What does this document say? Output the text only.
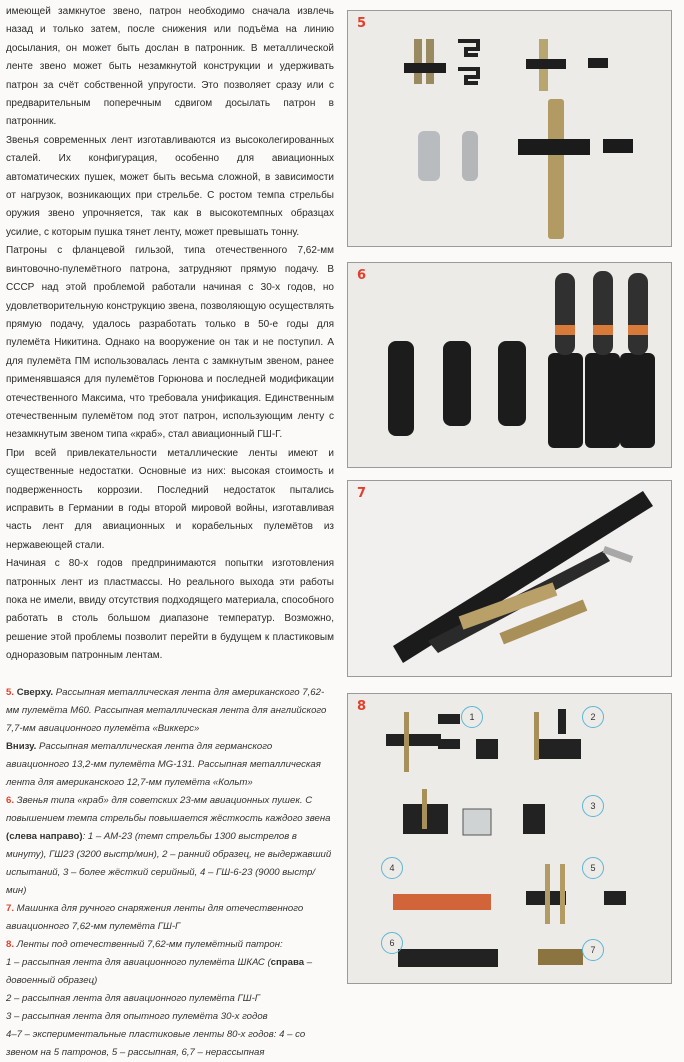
имеющей замкнутое звено, патрон необходимо сначала извлечь назад и только затем, после снижения или подъёма на линию досылания, он может быть дослан в патронник. В металлической ленте звено может быть незамкнутой конструкции и удерживать патрон за счёт собственной упругости. Это позволяет сразу или с предварительным поперечным сдвигом досылать патрон в патронник.

Звенья современных лент изготавливаются из высоколегированных сталей. Их конфигурация, особенно для авиационных автоматических пушек, может быть весьма сложной, в зависимости от нагрузок, возникающих при стрельбе. С ростом темпа стрельбы оружия звено упрочняется, так как в высокотемпных образцах усилие, с которым пушка тянет ленту, может превышать тонну.

Патроны с фланцевой гильзой, типа отечественного 7,62-мм винтовочно-пулемётного патрона, затрудняют прямую подачу. В СССР над этой проблемой работали начиная с 30-х годов, но удовлетворительную конструкцию звена, позволяющую осуществлять прямую подачу, удалось разработать только в 50-е годы для пулемёта Никитина. Однако на вооружение он так и не поступил. А для пулемёта ПМ использовалась лента с замкнутым звеном, ранее применявшаяся для пулемётов Горюнова и последней модификации отечественного Максима, что требовала унификация. Единственным отечественным пулемётом под этот патрон, использующим ленту с незамкнутым звеном типа «краб», стал авиационный ГШ-Г.

При всей привлекательности металлические ленты имеют и существенные недостатки. Основные из них: высокая стоимость и подверженность коррозии. Последний недостаток пытались исправить в Германии в годы второй мировой войны, изготавливая часть лент для авиационных и корабельных пулемётов из нержавеющей стали.

Начиная с 80-х годов предпринимаются попытки изготовления патронных лент из пластмассы. Но реального выхода эти работы пока не имели, ввиду отсутствия подходящего материала, способного работать в столь большом диапазоне температур. Возможно, решение этой проблемы позволит перейти в будущем к пластиковым одноразовым патронным лентам.

5. Сверху. Рассыпная металлическая лента для американского 7,62-мм пулемёта М60. Рассыпная металлическая лента для английского 7,7-мм авиационного пулемёта «Виккерс»

Внизу. Рассыпная металлическая лента для германского авиационного 13,2-мм пулемёта MG-131. Рассыпная металлическая лента для американского 12,7-мм пулемёта «Кольт»

6. Звенья типа «краб» для советских 23-мм авиационных пушек. С повышением темпа стрельбы повышается жёсткость каждого звена (слева направо): 1 – АМ-23 (темп стрельбы 1300 выстрелов в минуту), ГШ23 (3200 выстр/мин), 2 – ранний образец, не выдержавший испытаний, 3 – более жёсткий серийный, 4 – ГШ-6-23 (9000 выстр/мин)

7. Машинка для ручного снаряжения ленты для отечественного авиационного 7,62-мм пулемёта ГШ-Г

8. Ленты под отечественный 7,62-мм пулемётный патрон:

1 – рассыпная лента для авиационного пулемёта ШКАС (справа – довоенный образец)

2 – рассыпная лента для авиационного пулемёта ГШ-Г

3 – рассыпная лента для опытного пулемёта 30-х годов

4–7 – экспериментальные пластиковые ленты 80-х годов: 4 – со звеном на 5 патронов, 5 – рассыпная, 6,7 – нерассыпная

5
6
7
8
1	2
3
4	5
6
7
